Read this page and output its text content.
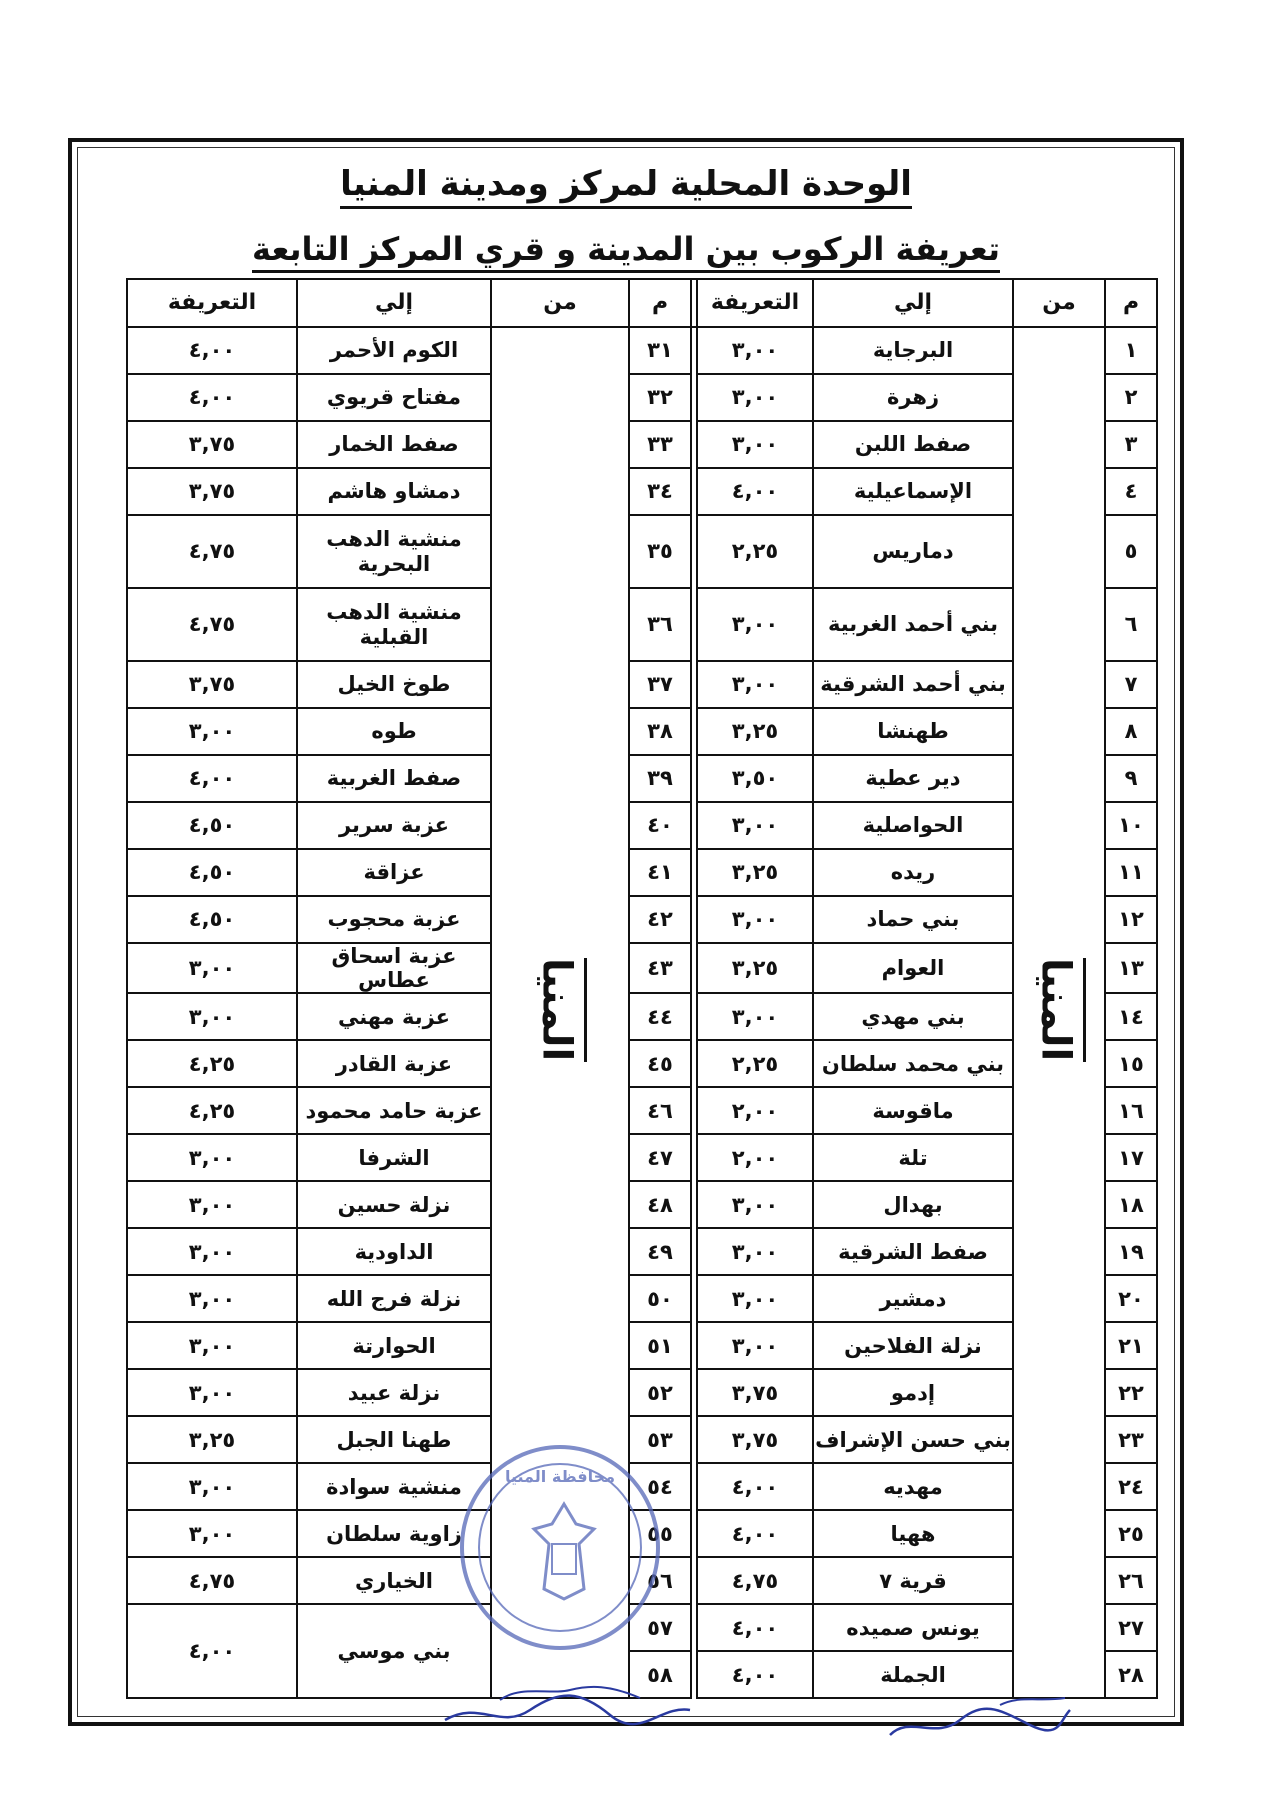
الوحدة المحلية لمركز ومدينة المنيا
تعريفة الركوب بين المدينة و قري المركز التابعة
م	من	إلي	التعريفة		م	من	إلي	التعريفة
١	المنيا	البرجاية	٣,٠٠		٣١	المنيا	الكوم الأحمر	٤,٠٠
٢		زهرة	٣,٠٠		٣٢		مفتاح قريوي	٤,٠٠
٣		صفط اللبن	٣,٠٠		٣٣		صفط الخمار	٣,٧٥
٤		الإسماعيلية	٤,٠٠		٣٤		دمشاو هاشم	٣,٧٥
٥		دماريس	٢,٢٥		٣٥		منشية الدهب البحرية	٤,٧٥
٦		بني أحمد الغربية	٣,٠٠		٣٦		منشية الدهب القبلية	٤,٧٥
٧		بني أحمد الشرقية	٣,٠٠		٣٧		طوخ الخيل	٣,٧٥
٨		طهنشا	٣,٢٥		٣٨		طوه	٣,٠٠
٩		دير عطية	٣,٥٠		٣٩		صفط الغربية	٤,٠٠
١٠		الحواصلية	٣,٠٠		٤٠		عزبة سرير	٤,٥٠
١١		ريده	٣,٢٥		٤١		عزاقة	٤,٥٠
١٢		بني حماد	٣,٠٠		٤٢		عزبة محجوب	٤,٥٠
١٣		العوام	٣,٢٥		٤٣		عزبة اسحاق عطاس	٣,٠٠
١٤		بني مهدي	٣,٠٠		٤٤		عزبة مهني	٣,٠٠
١٥		بني محمد سلطان	٢,٢٥		٤٥		عزبة القادر	٤,٢٥
١٦		ماقوسة	٢,٠٠		٤٦		عزبة حامد محمود	٤,٢٥
١٧		تلة	٢,٠٠		٤٧		الشرفا	٣,٠٠
١٨		بهدال	٣,٠٠		٤٨		نزلة حسين	٣,٠٠
١٩		صفط الشرقية	٣,٠٠		٤٩		الداودية	٣,٠٠
٢٠		دمشير	٣,٠٠		٥٠		نزلة فرج الله	٣,٠٠
٢١		نزلة الفلاحين	٣,٠٠		٥١		الحوارتة	٣,٠٠
٢٢		إدمو	٣,٧٥		٥٢		نزلة عبيد	٣,٠٠
٢٣		بني حسن الإشراف	٣,٧٥		٥٣		طهنا الجبل	٣,٢٥
٢٤		مهديه	٤,٠٠		٥٤		منشية سوادة	٣,٠٠
٢٥		ههيا	٤,٠٠		٥٥		زاوية سلطان	٣,٠٠
٢٦		قرية ٧	٤,٧٥		٥٦		الخياري	٤,٧٥
٢٧		يونس صميده	٤,٠٠		٥٧		بني موسي	٤,٠٠
٢٨		الجملة	٤,٠٠		٥٨			
محافظة المنيا
